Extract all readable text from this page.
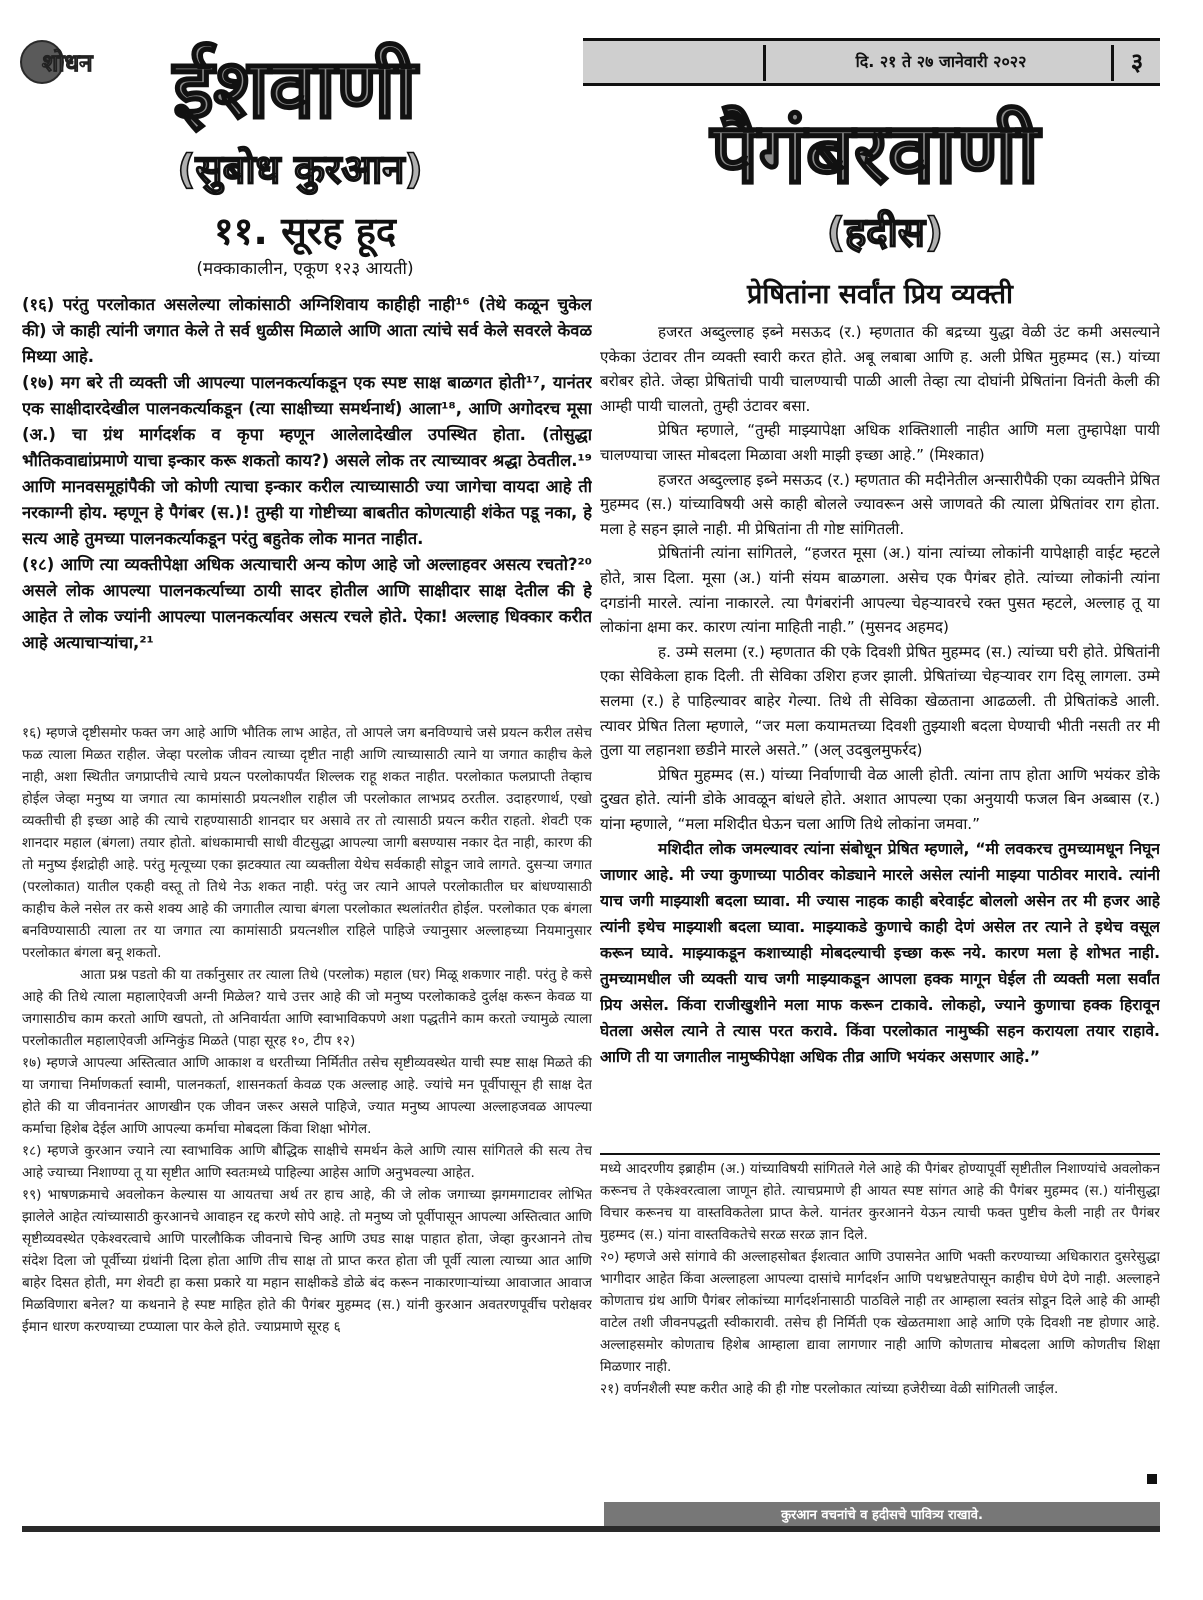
शोधन ईशवाणी
(सुबोध कुरआन)
११. सूरह हूद
(मक्काकालीन, एकूण १२३ आयती)

(१६) परंतु परलोकात असलेल्या लोकांसाठी अग्निशिवाय काहीही नाही¹⁶ (तेथे कळून चुकेल की) जे काही त्यांनी जगात केले ते सर्व धुळीस मिळाले आणि आता त्यांचे सर्व केले सवरले केवळ मिथ्या आहे.

(१७) मग बरे ती व्यक्ती जी आपल्या पालनकर्त्याकडून एक स्पष्ट साक्ष बाळगत होती¹⁷, यानंतर एक साक्षीदारदेखील पालनकर्त्याकडून (त्या साक्षीच्या समर्थनार्थ) आला¹⁸, आणि अगोदरच मूसा (अ.) चा ग्रंथ मार्गदर्शक व कृपा म्हणून आलेलादेखील उपस्थित होता. (तोसुद्धा भौतिकवाद्यांप्रमाणे याचा इन्कार करू शकतो काय?) असले लोक तर त्याच्यावर श्रद्धा ठेवतील.¹⁹ आणि मानवसमूहांपैकी जो कोणी त्याचा इन्कार करील त्याच्यासाठी ज्या जागेचा वायदा आहे ती नरकाग्नी होय. म्हणून हे पैगंबर (स.)! तुम्ही या गोष्टीच्या बाबतीत कोणत्याही शंकेत पडू नका, हे सत्य आहे तुमच्या पालनकर्त्याकडून परंतु बहुतेक लोक मानत नाहीत.

(१८) आणि त्या व्यक्तीपेक्षा अधिक अत्याचारी अन्य कोण आहे जो अल्लाहवर असत्य रचतो?²⁰ असले लोक आपल्या पालनकर्त्याच्या ठायी सादर होतील आणि साक्षीदार साक्ष देतील की हे आहेत ते लोक ज्यांनी आपल्या पालनकर्त्यावर असत्य रचले होते. ऐका! अल्लाह धिक्कार करीत आहे अत्याचाऱ्यांचा,²¹

१६) म्हणजे दृष्टीसमोर फक्त जग आहे आणि भौतिक लाभ आहेत, तो आपले जग बनविण्याचे जसे प्रयत्न करील तसेच फळ त्याला मिळत राहील. जेव्हा परलोक जीवन त्याच्या दृष्टीत नाही आणि त्याच्यासाठी त्याने या जगात काहीच केले नाही, अशा स्थितीत जगप्राप्तीचे त्याचे प्रयत्न परलोकापर्यंत शिल्लक राहू शकत नाहीत. परलोकात फलप्राप्ती तेव्हाच होईल जेव्हा मनुष्य या जगात त्या कामांसाठी प्रयत्नशील राहील जी परलोकात लाभप्रद ठरतील. उदाहरणार्थ, एखो व्यक्तीची ही इच्छा आहे की त्याचे राहण्यासाठी शानदार घर असावे तर तो त्यासाठी प्रयत्न करीत राहतो. शेवटी एक शानदार महाल (बंगला) तयार होतो. बांधकामाची साधी वीटसुद्धा आपल्या जागी बसण्यास नकार देत नाही, कारण की तो मनुष्य ईशद्रोही आहे. परंतु मृत्यूच्या एका झटक्यात त्या व्यक्तीला येथेच सर्वकाही सोडून जावे लागते. दुसऱ्या जगात (परलोकात) यातील एकही वस्तू तो तिथे नेऊ शकत नाही. परंतु जर त्याने आपले परलोकातील घर बांधण्यासाठी काहीच केले नसेल तर कसे शक्य आहे की जगातील त्याचा बंगला परलोकात स्थलांतरीत होईल. परलोकात एक बंगला बनविण्यासाठी त्याला तर या जगात त्या कामांसाठी प्रयत्नशील राहिले पाहिजे ज्यानुसार अल्लाहच्या नियमानुसार परलोकात बंगला बनू शकतो.

आता प्रश्न पडतो की या तर्कानुसार तर त्याला तिथे (परलोक) महाल (घर) मिळू शकणार नाही. परंतु हे कसे आहे की तिथे त्याला महालाऐवजी अग्नी मिळेल? याचे उत्तर आहे की जो मनुष्य परलोकाकडे दुर्लक्ष करून केवळ या जगासाठीच काम करतो आणि खपतो, तो अनिवार्यता आणि स्वाभाविकपणे अशा पद्धतीने काम करतो ज्यामुळे त्याला परलोकातील महालाऐवजी अग्निकुंड मिळते (पाहा सूरह १०, टीप १२)

१७) म्हणजे आपल्या अस्तित्वात आणि आकाश व धरतीच्या निर्मितीत तसेच सृष्टीव्यवस्थेत याची स्पष्ट साक्ष मिळते की या जगाचा निर्माणकर्ता स्वामी, पालनकर्ता, शासनकर्ता केवळ एक अल्लाह आहे. ज्यांचे मन पूर्वीपासून ही साक्ष देत होते की या जीवनानंतर आणखीन एक जीवन जरूर असले पाहिजे, ज्यात मनुष्य आपल्या अल्लाहजवळ आपल्या कर्माचा हिशेब देईल आणि आपल्या कर्माचा मोबदला किंवा शिक्षा भोगेल.

१८) म्हणजे कुरआन ज्याने त्या स्वाभाविक आणि बौद्धिक साक्षीचे समर्थन केले आणि त्यास सांगितले की सत्य तेच आहे ज्याच्या निशाण्या तू या सृष्टीत आणि स्वतःमध्ये पाहिल्या आहेस आणि अनुभवल्या आहेत.

१९) भाषणक्रमाचे अवलोकन केल्यास या आयतचा अर्थ तर हाच आहे, की जे लोक जगाच्या झगमगाटावर लोभित झालेले आहेत त्यांच्यासाठी कुरआनचे आवाहन रद्द करणे सोपे आहे. तो मनुष्य जो पूर्वीपासून आपल्या अस्तित्वात आणि सृष्टीव्यवस्थेत एकेश्वरत्वाचे आणि पारलौकिक जीवनाचे चिन्ह आणि उघड साक्ष पाहात होता, जेव्हा कुरआनने तोच संदेश दिला जो पूर्वीच्या ग्रंथांनी दिला होता आणि तीच साक्ष तो प्राप्त करत होता जी पूर्वी त्याला त्याच्या आत आणि बाहेर दिसत होती, मग शेवटी हा कसा प्रकारे या महान साक्षीकडे डोळे बंद करून नाकारणाऱ्यांच्या आवाजात आवाज मिळविणारा बनेल? या कथनाने हे स्पष्ट माहित होते की पैगंबर मुहम्मद (स.) यांनी कुरआन अवतरणपूर्वीच परोक्षवर ईमान धारण करण्याच्या टप्प्याला पार केले होते. ज्याप्रमाणे सूरह ६

दि. २१ ते २७ जानेवारी २०२२	३
पैगंबरवाणी
(हदीस)
प्रेषितांना सर्वांत प्रिय व्यक्ती

हजरत अब्दुल्लाह इब्ने मसऊद (र.) म्हणतात की बद्रच्या युद्धा वेळी उंट कमी असल्याने एकेका उंटावर तीन व्यक्ती स्वारी करत होते. अबू लबाबा आणि ह. अली प्रेषित मुहम्मद (स.) यांच्या बरोबर होते. जेव्हा प्रेषितांची पायी चालण्याची पाळी आली तेव्हा त्या दोघांनी प्रेषितांना विनंती केली की आम्ही पायी चालतो, तुम्ही उंटावर बसा.

प्रेषित म्हणाले, “तुम्ही माझ्यापेक्षा अधिक शक्तिशाली नाहीत आणि मला तुम्हापेक्षा पायी चालण्याचा जास्त मोबदला मिळावा अशी माझी इच्छा आहे.” (मिश्कात)

हजरत अब्दुल्लाह इब्ने मसऊद (र.) म्हणतात की मदीनेतील अन्सारीपैकी एका व्यक्तीने प्रेषित मुहम्मद (स.) यांच्याविषयी असे काही बोलले ज्यावरून असे जाणवते की त्याला प्रेषितांवर राग होता. मला हे सहन झाले नाही. मी प्रेषितांना ती गोष्ट सांगितली.

प्रेषितांनी त्यांना सांगितले, “हजरत मूसा (अ.) यांना त्यांच्या लोकांनी यापेक्षाही वाईट म्हटले होते, त्रास दिला. मूसा (अ.) यांनी संयम बाळगला. असेच एक पैगंबर होते. त्यांच्या लोकांनी त्यांना दगडांनी मारले. त्यांना नाकारले. त्या पैगंबरांनी आपल्या चेहऱ्यावरचे रक्त पुसत म्हटले, अल्लाह तू या लोकांना क्षमा कर. कारण त्यांना माहिती नाही.” (मुसनद अहमद)

ह. उम्मे सलमा (र.) म्हणतात की एके दिवशी प्रेषित मुहम्मद (स.) त्यांच्या घरी होते. प्रेषितांनी एका सेविकेला हाक दिली. ती सेविका उशिरा हजर झाली. प्रेषितांच्या चेहऱ्यावर राग दिसू लागला. उम्मे सलमा (र.) हे पाहिल्यावर बाहेर गेल्या. तिथे ती सेविका खेळताना आढळली. ती प्रेषितांकडे आली. त्यावर प्रेषित तिला म्हणाले, “जर मला कयामतच्या दिवशी तुझ्याशी बदला घेण्याची भीती नसती तर मी तुला या लहानशा छडीने मारले असते.” (अल् उदबुलमुफर्रद)

प्रेषित मुहम्मद (स.) यांच्या निर्वाणाची वेळ आली होती. त्यांना ताप होता आणि भयंकर डोके दुखत होते. त्यांनी डोके आवळून बांधले होते. अशात आपल्या एका अनुयायी फजल बिन अब्बास (र.) यांना म्हणाले, “मला मशिदीत घेऊन चला आणि तिथे लोकांना जमवा.”

मशिदीत लोक जमल्यावर त्यांना संबोधून प्रेषित म्हणाले, “मी लवकरच तुमच्यामधून निघून जाणार आहे. मी ज्या कुणाच्या पाठीवर कोड्याने मारले असेल त्यांनी माझ्या पाठीवर मारावे. त्यांनी याच जगी माझ्याशी बदला घ्यावा. मी ज्यास नाहक काही बरेवाईट बोललो असेन तर मी हजर आहे त्यांनी इथेच माझ्याशी बदला घ्यावा. माझ्याकडे कुणाचे काही देणं असेल तर त्याने ते इथेच वसूल करून घ्यावे. माझ्याकडून कशाच्याही मोबदल्याची इच्छा करू नये. कारण मला हे शोभत नाही. तुमच्यामधील जी व्यक्ती याच जगी माझ्याकडून आपला हक्क मागून घेईल ती व्यक्ती मला सर्वांत प्रिय असेल. किंवा राजीखुशीने मला माफ करून टाकावे. लोकहो, ज्याने कुणाचा हक्क हिरावून घेतला असेल त्याने ते त्यास परत करावे. किंवा परलोकात नामुष्की सहन करायला तयार राहावे. आणि ती या जगातील नामुष्कीपेक्षा अधिक तीव्र आणि भयंकर असणार आहे.”

मध्ये आदरणीय इब्राहीम (अ.) यांच्याविषयी सांगितले गेले आहे की पैगंबर होण्यापूर्वी सृष्टीतील निशाण्यांचे अवलोकन करूनच ते एकेश्वरत्वाला जाणून होते. त्याचप्रमाणे ही आयत स्पष्ट सांगत आहे की पैगंबर मुहम्मद (स.) यांनीसुद्धा विचार करूनच या वास्तविकतेला प्राप्त केले. यानंतर कुरआनने येऊन त्याची फक्त पुष्टीच केली नाही तर पैगंबर मुहम्मद (स.) यांना वास्तविकतेचे सरळ सरळ ज्ञान दिले.

२०) म्हणजे असे सांगावे की अल्लाहसोबत ईशत्वात आणि उपासनेत आणि भक्ती करण्याच्या अधिकारात दुसरेसुद्धा भागीदार आहेत किंवा अल्लाहला आपल्या दासांचे मार्गदर्शन आणि पथभ्रष्टतेपासून काहीच घेणे देणे नाही. अल्लाहने कोणताच ग्रंथ आणि पैगंबर लोकांच्या मार्गदर्शनासाठी पाठविले नाही तर आम्हाला स्वतंत्र सोडून दिले आहे की आम्ही वाटेल तशी जीवनपद्धती स्वीकारावी. तसेच ही निर्मिती एक खेळतमाशा आहे आणि एके दिवशी नष्ट होणार आहे. अल्लाहसमोर कोणताच हिशेब आम्हाला द्यावा लागणार नाही आणि कोणताच मोबदला आणि कोणतीच शिक्षा मिळणार नाही.

२१) वर्णनशैली स्पष्ट करीत आहे की ही गोष्ट परलोकात त्यांच्या हजेरीच्या वेळी सांगितली जाईल.

कुरआन वचनांचे व हदीसचे पावित्र्य राखावे.
